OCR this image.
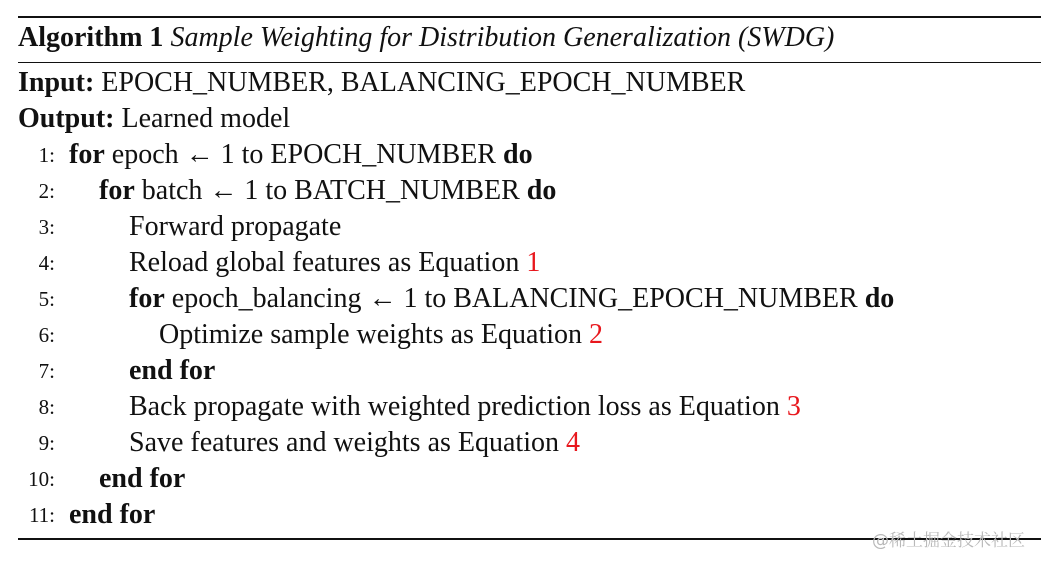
Algorithm 1 Sample Weighting for Distribution Generalization (SWDG)
Input: EPOCH_NUMBER, BALANCING_EPOCH_NUMBER
Output: Learned model
1: for epoch ← 1 to EPOCH_NUMBER do
2: for batch ← 1 to BATCH_NUMBER do
3:	Forward propagate
4:	Reload global features as Equation 1
5:	for epoch_balancing ← 1 to BALANCING_EPOCH_NUMBER do
6:	Optimize sample weights as Equation 2
7:	end for
8:	Back propagate with weighted prediction loss as Equation 3
9:	Save features and weights as Equation 4
10: end for
11: end for
@稀土掘金技术社区
